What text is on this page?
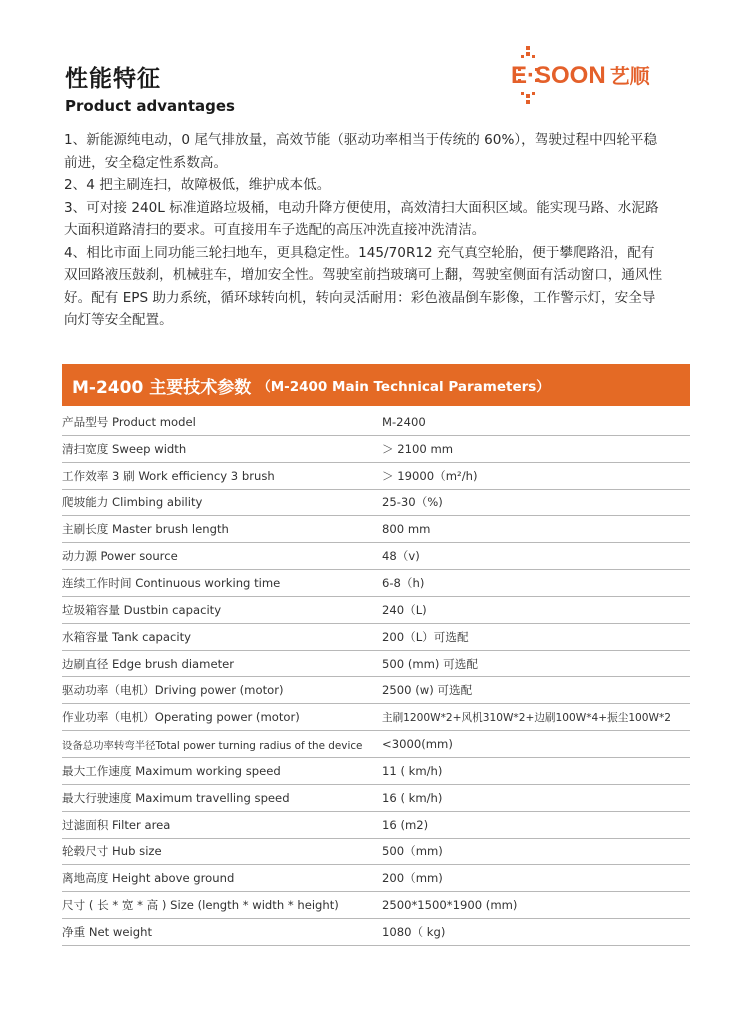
性能特征
Product advantages
E·SOON 艺顺

1、新能源纯电动，0 尾气排放量，高效节能（驱动功率相当于传统的 60%），驾驶过程中四轮平稳前进，安全稳定性系数高。

2、4 把主刷连扫，故障极低，维护成本低。

3、可对接 240L 标准道路垃圾桶，电动升降方便使用，高效清扫大面积区域。能实现马路、水泥路大面积道路清扫的要求。可直接用车子选配的高压冲洗直接冲洗清洁。

4、相比市面上同功能三轮扫地车，更具稳定性。145/70R12 充气真空轮胎，便于攀爬路沿，配有双回路液压鼓刹，机械驻车，增加安全性。驾驶室前挡玻璃可上翻，驾驶室侧面有活动窗口，通风性好。配有 EPS 助力系统，循环球转向机，转向灵活耐用：彩色液晶倒车影像，工作警示灯，安全导向灯等安全配置。

M-2400 主要技术参数 （M-2400 Main Technical Parameters）
产品型号 Product model	M-2400
清扫宽度 Sweep width	＞ 2100 mm
工作效率 3 刷 Work efficiency 3 brush	＞ 19000（m²/h)
爬坡能力 Climbing ability	25-30（%)
主刷长度 Master brush length	800 mm
动力源 Power source	48（v)
连续工作时间 Continuous working time	6-8（h)
垃圾箱容量 Dustbin capacity	240（L)
水箱容量 Tank capacity	200（L）可选配
边刷直径 Edge brush diameter	500 (mm) 可选配
驱动功率（电机）Driving power (motor)	2500 (w) 可选配
作业功率（电机）Operating power (motor)	主刷1200W*2+风机310W*2+边刷100W*4+振尘100W*2
设备总功率转弯半径Total power turning radius of the device	<3000(mm)
最大工作速度 Maximum working speed	11 ( km/h)
最大行驶速度 Maximum travelling speed	16 ( km/h)
过滤面积 Filter area	16 (m2)
轮毂尺寸 Hub size	500（mm)
离地高度 Height above ground	200（mm)
尺寸 ( 长 * 宽 * 高 ) Size (length * width * height)	2500*1500*1900 (mm)
净重 Net weight	1080（ kg)
